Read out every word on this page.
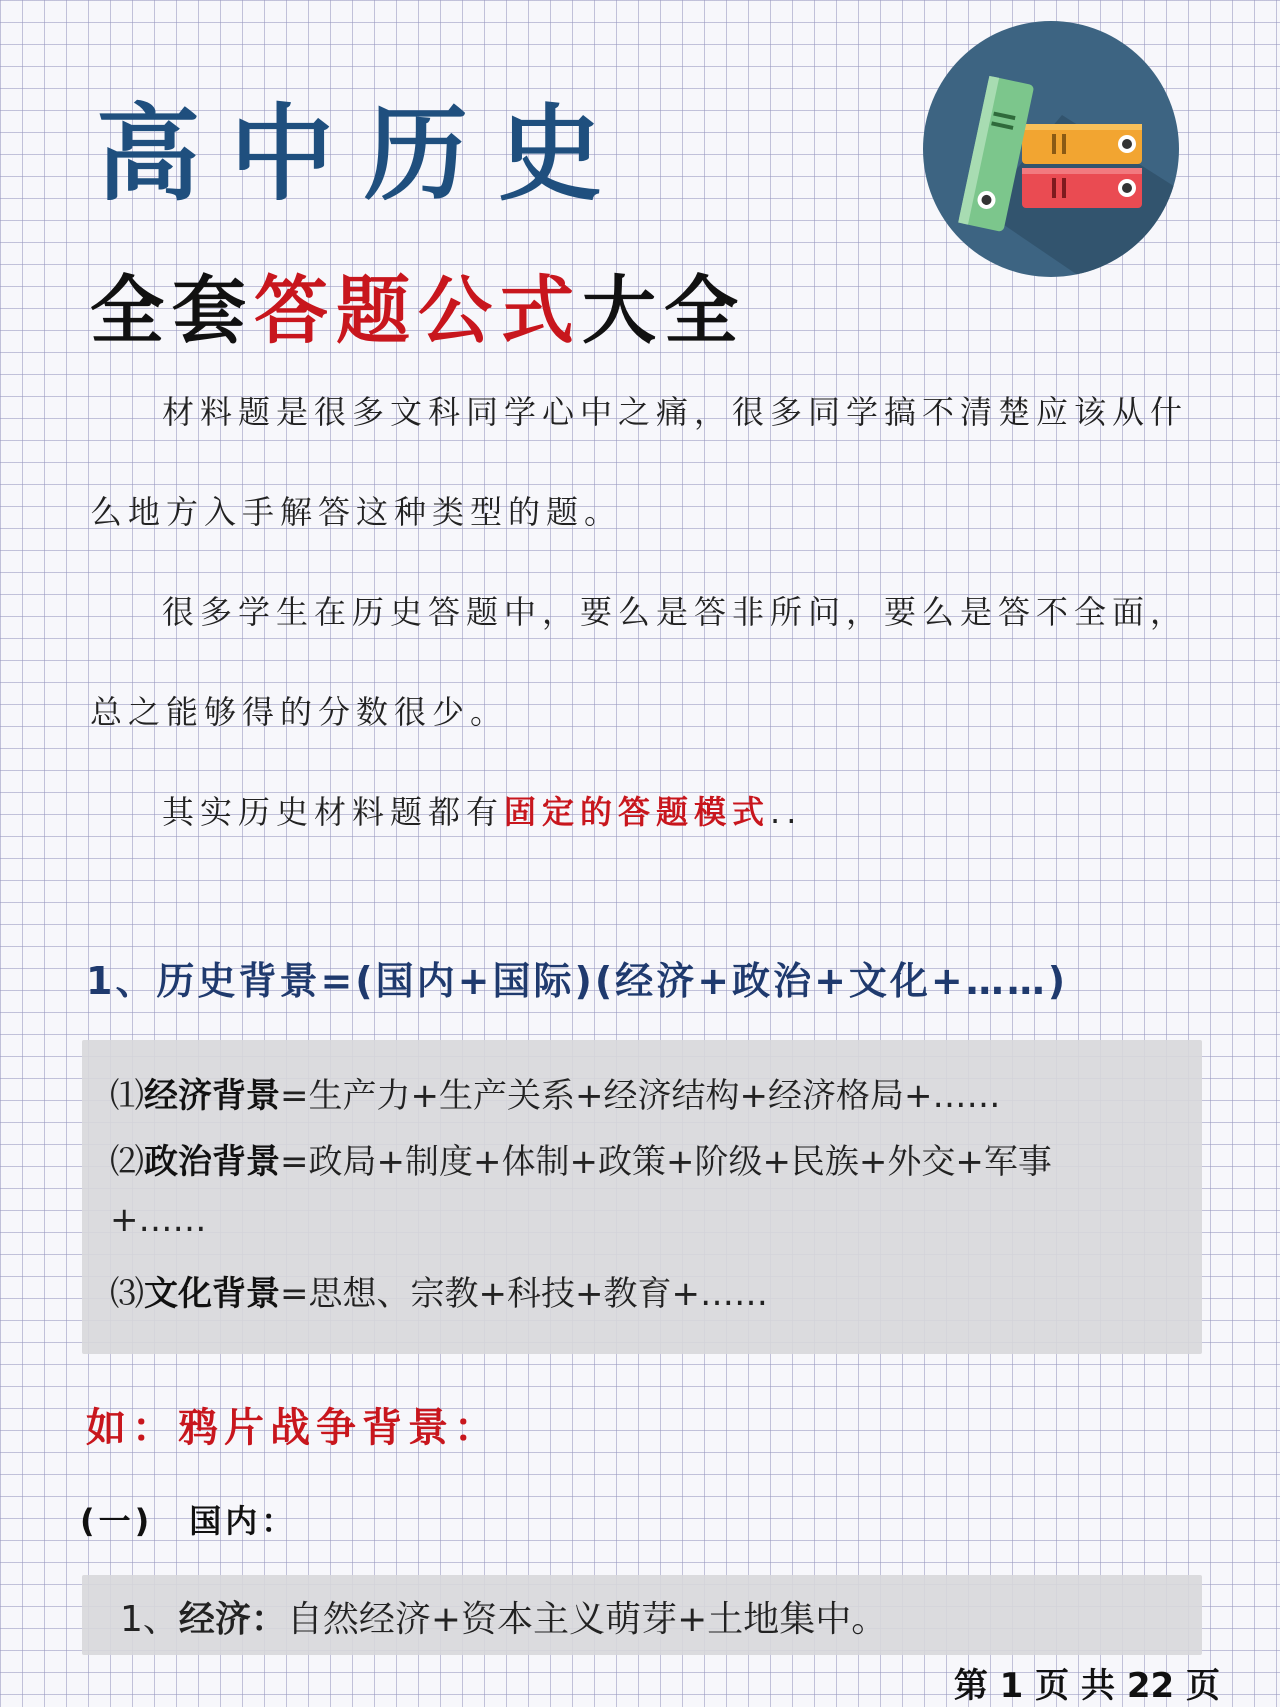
高中历史
全套答题公式大全

材料题是很多文科同学心中之痛，很多同学搞不清楚应该从什

么地方入手解答这种类型的题。

很多学生在历史答题中，要么是答非所问，要么是答不全面，

总之能够得的分数很少。

其实历史材料题都有固定的答题模式..

1、历史背景=(国内+国际)(经济+政治+文化+……)
⑴经济背景=生产力+生产关系+经济结构+经济格局+……
⑵政治背景=政局+制度+体制+政策+阶级+民族+外交+军事
+……
⑶文化背景=思想、宗教+科技+教育+……
如：鸦片战争背景：
(一)　国内：
1、经济：自然经济+资本主义萌芽+土地集中。
第 1 页 共 22 页
